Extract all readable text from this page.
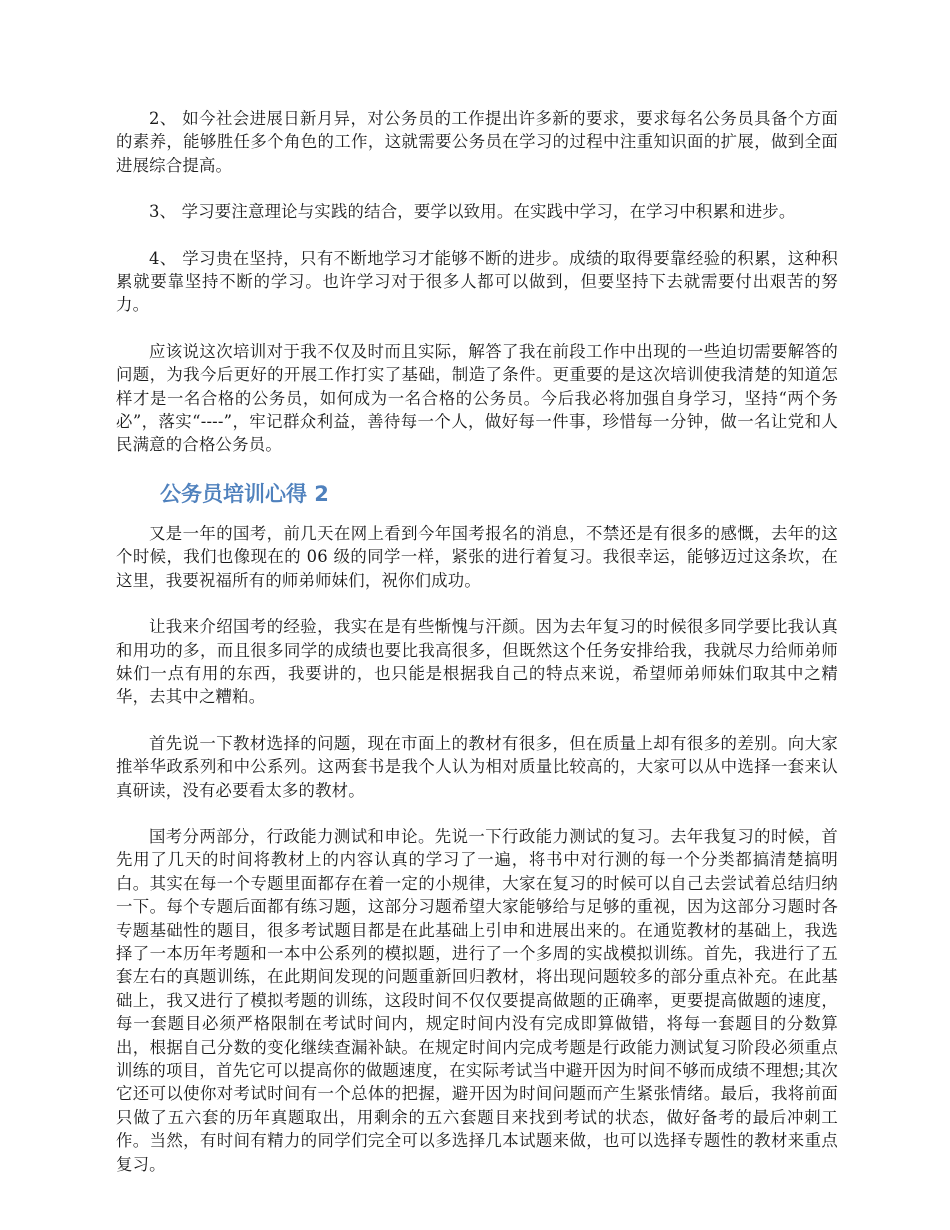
2、 如今社会进展日新月异，对公务员的工作提出许多新的要求，要求每名公务员具备个方面的素养，能够胜任多个角色的工作，这就需要公务员在学习的过程中注重知识面的扩展，做到全面进展综合提高。

3、 学习要注意理论与实践的结合，要学以致用。在实践中学习，在学习中积累和进步。

4、 学习贵在坚持，只有不断地学习才能够不断的进步。成绩的取得要靠经验的积累，这种积累就要靠坚持不断的学习。也许学习对于很多人都可以做到，但要坚持下去就需要付出艰苦的努力。

应该说这次培训对于我不仅及时而且实际，解答了我在前段工作中出现的一些迫切需要解答的问题，为我今后更好的开展工作打实了基础，制造了条件。更重要的是这次培训使我清楚的知道怎样才是一名合格的公务员，如何成为一名合格的公务员。今后我必将加强自身学习，坚持“两个务必”，落实“----”，牢记群众利益，善待每一个人，做好每一件事，珍惜每一分钟，做一名让党和人民满意的合格公务员。

公务员培训心得 2

又是一年的国考，前几天在网上看到今年国考报名的消息，不禁还是有很多的感慨，去年的这个时候，我们也像现在的 06 级的同学一样，紧张的进行着复习。我很幸运，能够迈过这条坎，在这里，我要祝福所有的师弟师妹们，祝你们成功。

让我来介绍国考的经验，我实在是有些惭愧与汗颜。因为去年复习的时候很多同学要比我认真和用功的多，而且很多同学的成绩也要比我高很多，但既然这个任务安排给我，我就尽力给师弟师妹们一点有用的东西，我要讲的，也只能是根据我自己的特点来说，希望师弟师妹们取其中之精华，去其中之糟粕。

首先说一下教材选择的问题，现在市面上的教材有很多，但在质量上却有很多的差别。向大家推举华政系列和中公系列。这两套书是我个人认为相对质量比较高的，大家可以从中选择一套来认真研读，没有必要看太多的教材。

国考分两部分，行政能力测试和申论。先说一下行政能力测试的复习。去年我复习的时候，首先用了几天的时间将教材上的内容认真的学习了一遍，将书中对行测的每一个分类都搞清楚搞明白。其实在每一个专题里面都存在着一定的小规律，大家在复习的时候可以自己去尝试着总结归纳一下。每个专题后面都有练习题，这部分习题希望大家能够给与足够的重视，因为这部分习题时各专题基础性的题目，很多考试题目都是在此基础上引申和进展出来的。在通览教材的基础上，我选择了一本历年考题和一本中公系列的模拟题，进行了一个多周的实战模拟训练。首先，我进行了五套左右的真题训练，在此期间发现的问题重新回归教材，将出现问题较多的部分重点补充。在此基础上，我又进行了模拟考题的训练，这段时间不仅仅要提高做题的正确率，更要提高做题的速度，每一套题目必须严格限制在考试时间内，规定时间内没有完成即算做错，将每一套题目的分数算出，根据自己分数的变化继续查漏补缺。在规定时间内完成考题是行政能力测试复习阶段必须重点训练的项目，首先它可以提高你的做题速度，在实际考试当中避开因为时间不够而成绩不理想;其次它还可以使你对考试时间有一个总体的把握，避开因为时间问题而产生紧张情绪。最后，我将前面只做了五六套的历年真题取出，用剩余的五六套题目来找到考试的状态，做好备考的最后冲刺工作。当然，有时间有精力的同学们完全可以多选择几本试题来做，也可以选择专题性的教材来重点复习。
